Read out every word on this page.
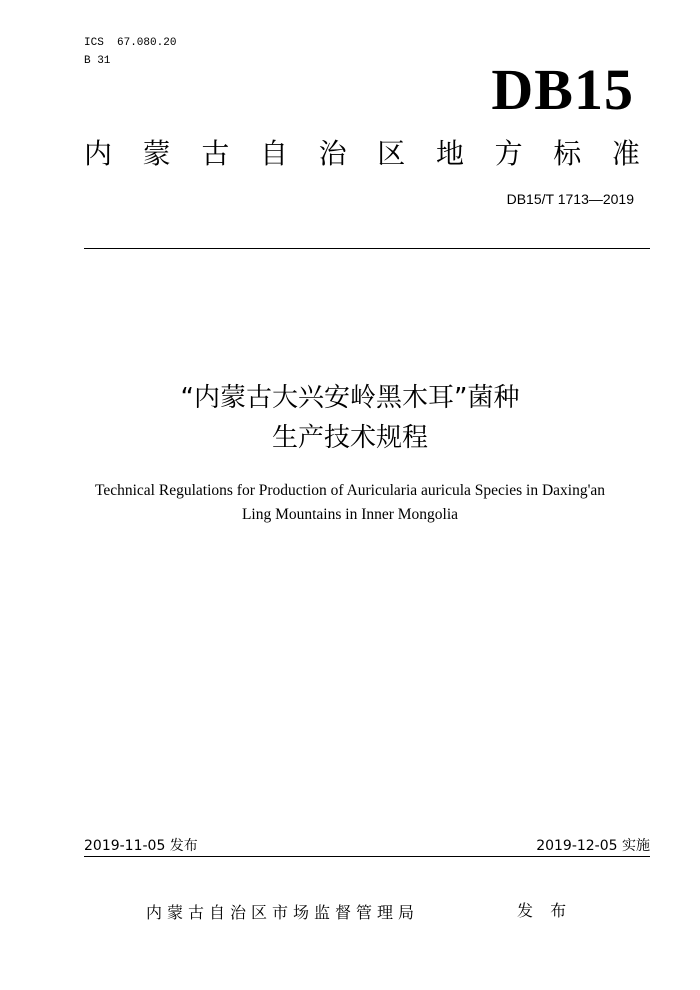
ICS  67.080.20
B 31	DB15
内 蒙 古 自 治 区 地 方 标 准
DB15/T 1713—2019
“内蒙古大兴安岭黑木耳”菌种
生产技术规程
Technical Regulations for Production of Auricularia auricula Species in Daxing'an
Ling Mountains in Inner Mongolia
2019-11-05 发布	2019-12-05 实施
内蒙古自治区市场监督管理局	发 布
